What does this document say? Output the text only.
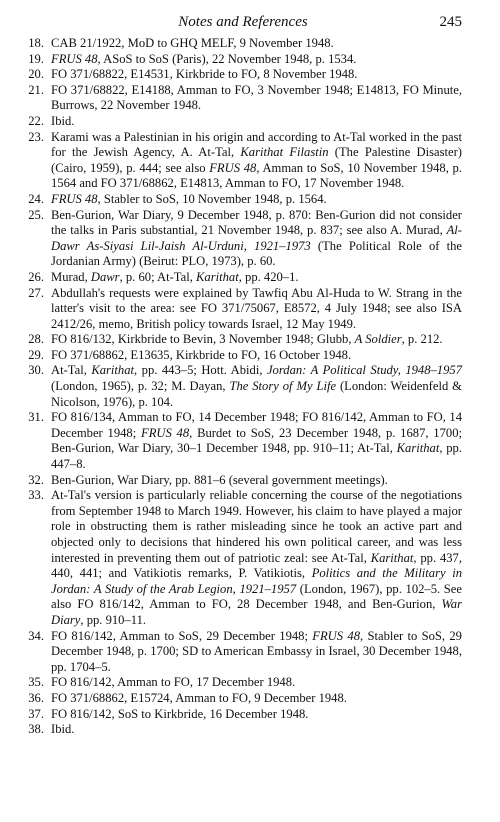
Notes and References	245
18 . CAB 21/1922, MoD to GHQ MELF, 9 November 1948.
19 . FRUS 48, ASoS to SoS (Paris), 22 November 1948, p. 1534.
20 . FO 371/68822, E14531, Kirkbride to FO, 8 November 1948.
21 . FO 371/68822, E14188, Amman to FO, 3 November 1948; E14813, FO Minute, Burrows, 22 November 1948.
22 . Ibid.
23 . Karami was a Palestinian in his origin and according to At-Tal worked in the past for the Jewish Agency, A. At-Tal, Karithat Filastin (The Palestine Disaster) (Cairo, 1959), p. 444; see also FRUS 48, Amman to SoS, 10 November 1948, p. 1564 and FO 371/68862, E14813, Amman to FO, 17 November 1948.
24 . FRUS 48, Stabler to SoS, 10 November 1948, p. 1564.
25 . Ben-Gurion, War Diary, 9 December 1948, p. 870: Ben-Gurion did not consider the talks in Paris substantial, 21 November 1948, p. 837; see also A. Murad, Al-Dawr As-Siyasi Lil-Jaish Al-Urduni, 1921–1973 (The Political Role of the Jordanian Army) (Beirut: PLO, 1973), p. 60.
26 . Murad, Dawr, p. 60; At-Tal, Karithat, pp. 420–1.
27 . Abdullah's requests were explained by Tawfiq Abu Al-Huda to W. Strang in the latter's visit to the area: see FO 371/75067, E8572, 4 July 1948; see also ISA 2412/26, memo, British policy towards Israel, 12 May 1949.
28 . FO 816/132, Kirkbride to Bevin, 3 November 1948; Glubb, A Soldier, p. 212.
29 . FO 371/68862, E13635, Kirkbride to FO, 16 October 1948.
30 . At-Tal, Karithat, pp. 443–5; Hott. Abidi, Jordan: A Political Study, 1948–1957 (London, 1965), p. 32; M. Dayan, The Story of My Life (London: Weidenfeld & Nicolson, 1976), p. 104.
31 . FO 816/134, Amman to FO, 14 December 1948; FO 816/142, Amman to FO, 14 December 1948; FRUS 48, Burdet to SoS, 23 December 1948, p. 1687, 1700; Ben-Gurion, War Diary, 30–1 December 1948, pp. 910–11; At-Tal, Karithat, pp. 447–8.
32 . Ben-Gurion, War Diary, pp. 881–6 (several government meetings).
33 . At-Tal's version is particularly reliable concerning the course of the negotiations from September 1948 to March 1949. However, his claim to have played a major role in obstructing them is rather misleading since he took an active part and objected only to decisions that hindered his own political career, and was less interested in preventing them out of patriotic zeal: see At-Tal, Karithat, pp. 437, 440, 441; and Vatikiotis remarks, P. Vatikiotis, Politics and the Military in Jordan: A Study of the Arab Legion, 1921–1957 (London, 1967), pp. 102–5. See also FO 816/142, Amman to FO, 28 December 1948, and Ben-Gurion, War Diary, pp. 910–11.
34 . FO 816/142, Amman to SoS, 29 December 1948; FRUS 48, Stabler to SoS, 29 December 1948, p. 1700; SD to American Embassy in Israel, 30 December 1948, pp. 1704–5.
35 . FO 816/142, Amman to FO, 17 December 1948.
36 . FO 371/68862, E15724, Amman to FO, 9 December 1948.
37 . FO 816/142, SoS to Kirkbride, 16 December 1948.
38 . Ibid.
